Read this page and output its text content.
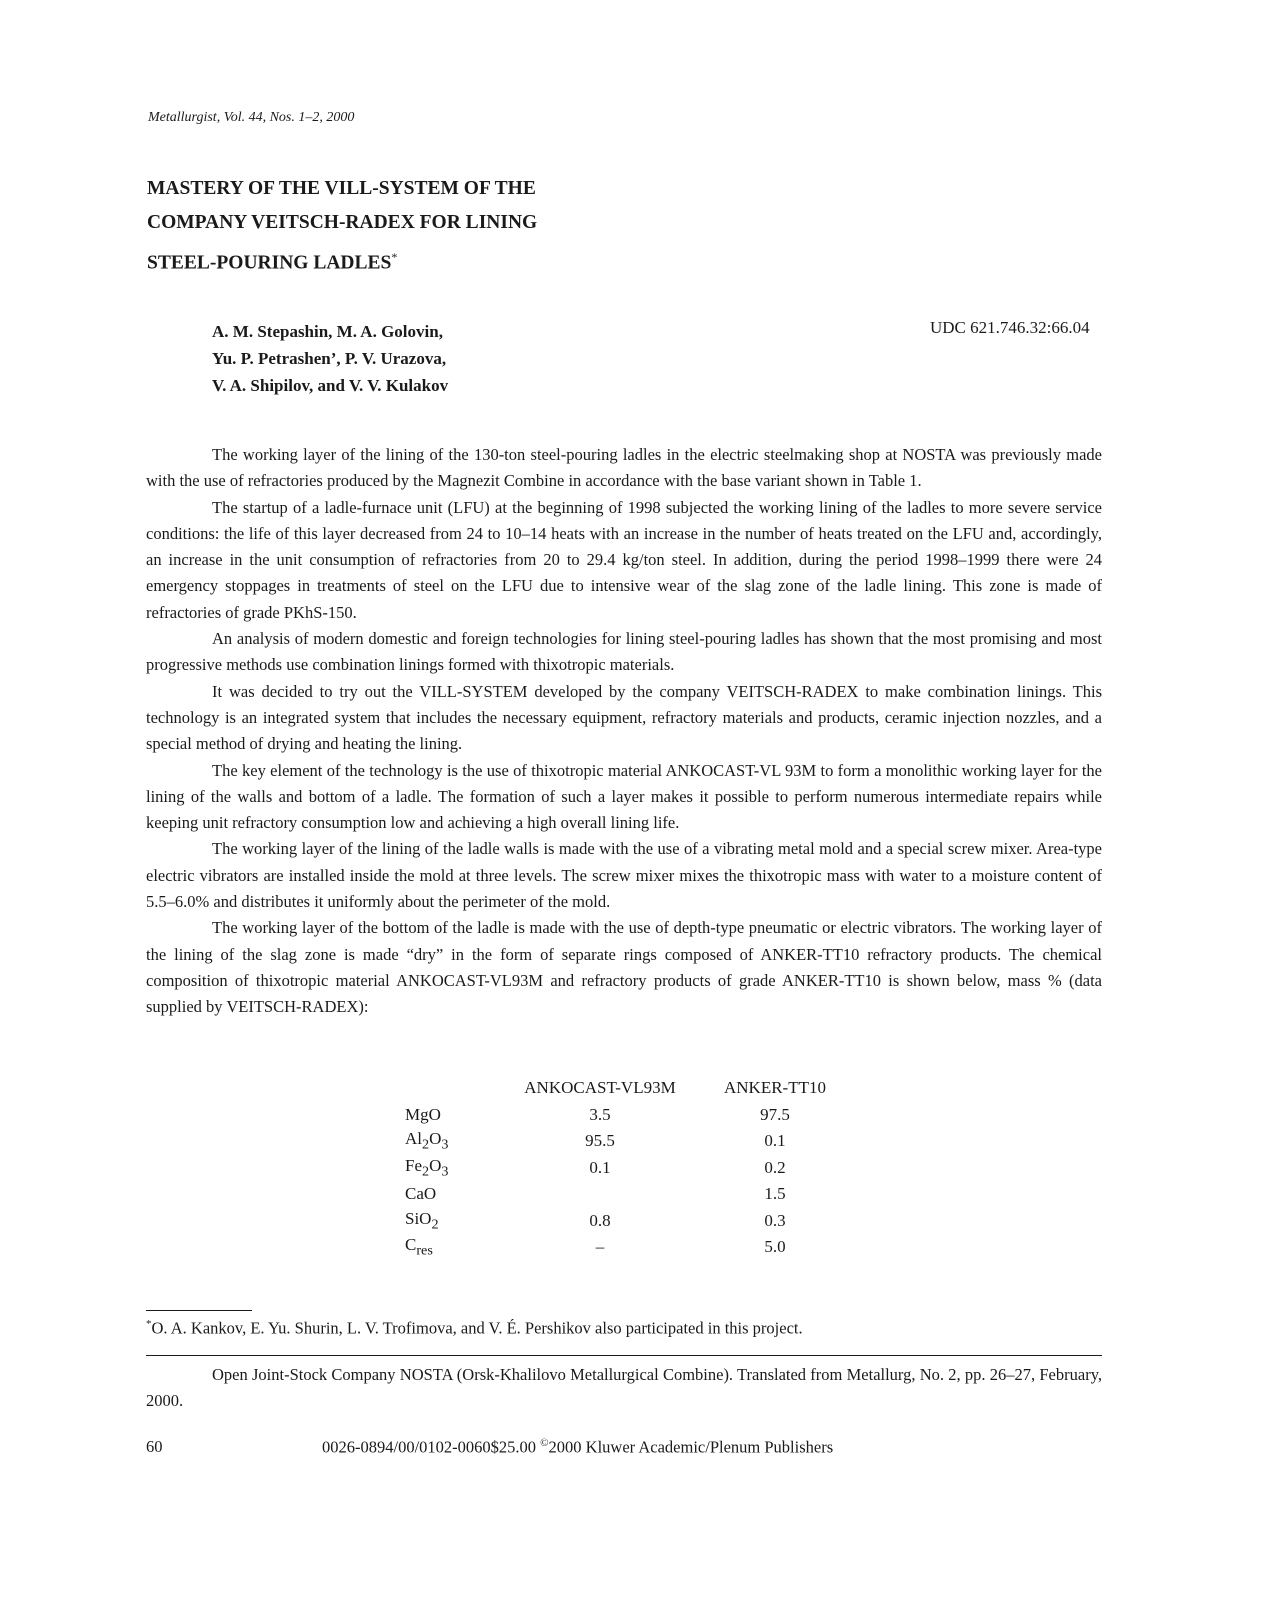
Metallurgist, Vol. 44, Nos. 1–2, 2000
MASTERY OF THE VILL-SYSTEM OF THE
COMPANY VEITSCH-RADEX FOR LINING
STEEL-POURING LADLES*
A. M. Stepashin, M. A. Golovin,
Yu. P. Petrashen’, P. V. Urazova,
V. A. Shipilov, and V. V. Kulakov
UDC 621.746.32:66.04

The working layer of the lining of the 130-ton steel-pouring ladles in the electric steelmaking shop at NOSTA was previously made with the use of refractories produced by the Magnezit Combine in accordance with the base variant shown in Table 1.

The startup of a ladle-furnace unit (LFU) at the beginning of 1998 subjected the working lining of the ladles to more severe service conditions: the life of this layer decreased from 24 to 10–14 heats with an increase in the number of heats treated on the LFU and, accordingly, an increase in the unit consumption of refractories from 20 to 29.4 kg/ton steel. In addition, during the period 1998–1999 there were 24 emergency stoppages in treatments of steel on the LFU due to intensive wear of the slag zone of the ladle lining. This zone is made of refractories of grade PKhS-150.

An analysis of modern domestic and foreign technologies for lining steel-pouring ladles has shown that the most promising and most progressive methods use combination linings formed with thixotropic materials.

It was decided to try out the VILL-SYSTEM developed by the company VEITSCH-RADEX to make combination linings. This technology is an integrated system that includes the necessary equipment, refractory materials and products, ceramic injection nozzles, and a special method of drying and heating the lining.

The key element of the technology is the use of thixotropic material ANKOCAST-VL 93M to form a monolithic working layer for the lining of the walls and bottom of a ladle. The formation of such a layer makes it possible to perform numerous intermediate repairs while keeping unit refractory consumption low and achieving a high overall lining life.

The working layer of the lining of the ladle walls is made with the use of a vibrating metal mold and a special screw mixer. Area-type electric vibrators are installed inside the mold at three levels. The screw mixer mixes the thixotropic mass with water to a moisture content of 5.5–6.0% and distributes it uniformly about the perimeter of the mold.

The working layer of the bottom of the ladle is made with the use of depth-type pneumatic or electric vibrators. The working layer of the lining of the slag zone is made “dry” in the form of separate rings composed of ANKER-TT10 refractory products. The chemical composition of thixotropic material ANKOCAST-VL93M and refractory products of grade ANKER-TT10 is shown below, mass % (data supplied by VEITSCH-RADEX):

	ANKOCAST-VL93M	ANKER-TT10
MgO	3.5	97.5
$Al_2O_3$	95.5	0.1
$Fe_2O_3$	0.1	0.2
CaO		1.5
SiO$_2$	0.8	0.3
$C_{res}$	–	5.0
*O. A. Kankov, E. Yu. Shurin, L. V. Trofimova, and V. É. Pershikov also participated in this project.

Open Joint-Stock Company NOSTA (Orsk-Khalilovo Metallurgical Combine). Translated from Metallurg, No. 2, pp. 26–27, February, 2000.

60	0026-0894/00/0102-0060$25.00 ©2000 Kluwer Academic/Plenum Publishers
